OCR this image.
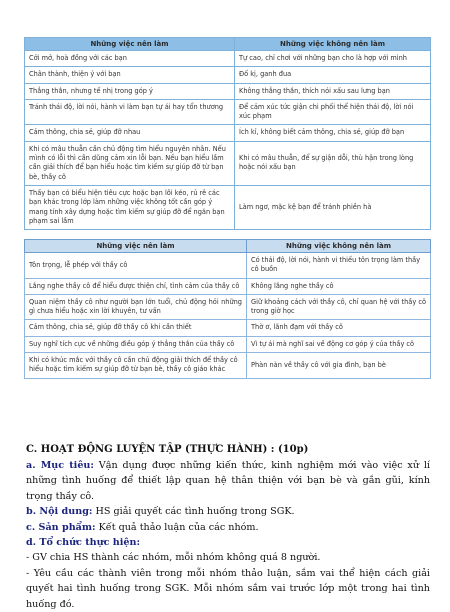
Những việc nên làm	Những việc không nên làm
Cởi mở, hoà đồng với các bạn	Tự cao, chỉ chơi với những bạn cho là hợp với mình
Chân thành, thiện ý với bạn	Đố kị, ganh đua
Thẳng thắn, nhưng tế nhị trong góp ý	Không thẳng thắn, thích nói xấu sau lưng bạn
Tránh thái độ, lời nói, hành vi làm bạn tự ái hay tổn thương	Để cảm xúc tức giận chi phối thể hiện thái độ, lời nói xúc phạm
Cảm thông, chia sẻ, giúp đỡ nhau	Ích kỉ, không biết cảm thông, chia sẻ, giúp đỡ bạn
Khi có mâu thuẫn cần chủ động tìm hiểu nguyên nhân. Nếu mình có lỗi thì cần dũng cảm xin lỗi bạn. Nếu bạn hiểu lầm cần giải thích để bạn hiểu hoặc tìm kiếm sự giúp đỡ từ bạn bè, thầy cô	Khi có mâu thuẫn, để sự giận dỗi, thù hận trong lòng hoặc nói xấu bạn
Thấy bạn có biểu hiện tiêu cực hoặc bạn lôi kéo, rủ rê các bạn khác trong lớp làm những việc không tốt cần góp ý mang tính xây dựng hoặc tìm kiếm sự giúp đỡ để ngăn bạn phạm sai lầm	Làm ngơ, mặc kệ bạn để tránh phiền hà
Những việc nên làm	Những việc không nên làm
Tôn trọng, lễ phép với thầy cô	Có thái độ, lời nói, hành vi thiếu tôn trọng làm thầy cô buồn
Lắng nghe thầy cô để hiểu được thiện chí, tình cảm của thầy cô	Không lắng nghe thầy cô
Quan niệm thầy cô như người bạn lớn tuổi, chủ động hỏi những gì chưa hiểu hoặc xin lời khuyên, tư vấn	Giữ khoảng cách với thầy cô, chỉ quan hệ với thầy cô trong giờ học
Cảm thông, chia sẻ, giúp đỡ thầy cô khi cần thiết	Thờ ơ, lãnh đạm với thầy cô
Suy nghĩ tích cực về những điều góp ý thẳng thắn của thầy cô	Vì tự ái mà nghĩ sai về động cơ góp ý của thầy cô
Khi có khúc mắc với thầy cô cần chủ động giải thích để thầy cô hiểu hoặc tìm kiếm sự giúp đỡ từ bạn bè, thầy cô giáo khác	Phàn nàn về thầy cô với gia đình, bạn bè

C. HOẠT ĐỘNG LUYỆN TẬP (THỰC HÀNH) : (10p)

a. Mục tiêu: Vận dụng được những kiến thức, kinh nghiệm mới vào việc xử lí những tình huống để thiết lập quan hệ thân thiện với bạn bè và gắn gũi, kính trọng thầy cô.

b. Nội dung: HS giải quyết các tình huống trong SGK.

c. Sản phẩm: Kết quả thảo luận của các nhóm.

d. Tổ chức thực hiện:

- GV chia HS thành các nhóm, mỗi nhóm không quá 8 người.

- Yêu cầu các thành viên trong mỗi nhóm thảo luận, sắm vai thể hiện cách giải quyết hai tình huống trong SGK. Mỗi nhóm sắm vai trước lớp một trong hai tình huống đó.
